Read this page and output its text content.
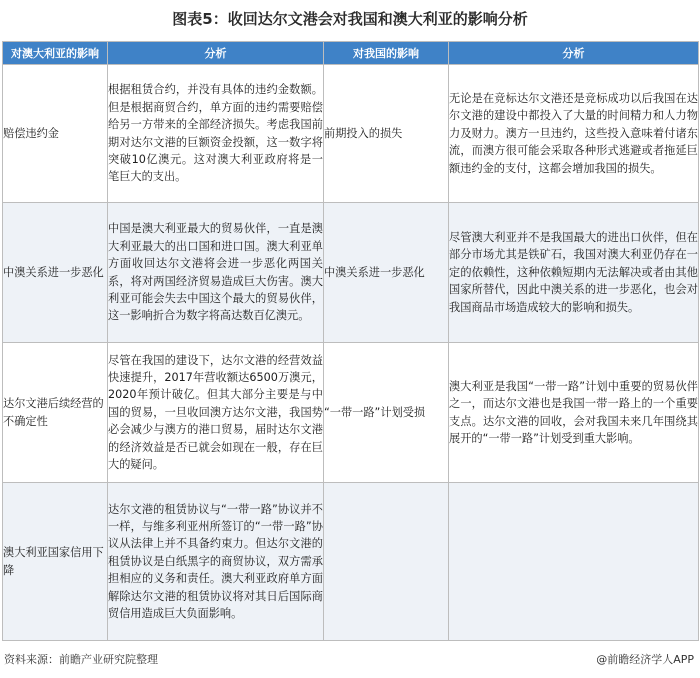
图表5：收回达尔文港会对我国和澳大利亚的影响分析
对澳大利亚的影响	分析	对我国的影响	分析

赔偿违约金	根据租赁合约，并没有具体的违约金数额。但是根据商贸合约，单方面的违约需要赔偿给另一方带来的全部经济损失。考虑我国前期对达尔文港的巨额资金投额，这一数字将突破10亿澳元。这对澳大利亚政府将是一笔巨大的支出。	前期投入的损失	无论是在竞标达尔文港还是竞标成功以后我国在达尔文港的建设中都投入了大量的时间精力和人力物力及财力。澳方一旦违约，这些投入意味着付诸东流，而澳方很可能会采取各种形式逃避或者拖延巨额违约金的支付，这都会增加我国的损失。

中澳关系进一步恶化	中国是澳大利亚最大的贸易伙伴，一直是澳大利亚最大的出口国和进口国。澳大利亚单方面收回达尔文港将会进一步恶化两国关系，将对两国经济贸易造成巨大伤害。澳大利亚可能会失去中国这个最大的贸易伙伴，这一影响折合为数字将高达数百亿澳元。	中澳关系进一步恶化	尽管澳大利亚并不是我国最大的进出口伙伴，但在部分市场尤其是铁矿石，我国对澳大利亚仍存在一定的依赖性，这种依赖短期内无法解决或者由其他国家所替代，因此中澳关系的进一步恶化，也会对我国商品市场造成较大的影响和损失。

达尔文港后续经营的不确定性	尽管在我国的建设下，达尔文港的经营效益快速提升，2017年营收额达6500万澳元，2020年预计破亿。但其大部分主要是与中国的贸易，一旦收回澳方达尔文港，我国势必会减少与澳方的港口贸易，届时达尔文港的经济效益是否已就会如现在一般，存在巨大的疑问。	“一带一路”计划受损	澳大利亚是我国“一带一路”计划中重要的贸易伙伴之一，而达尔文港也是我国一带一路上的一个重要支点。达尔文港的回收，会对我国未来几年围绕其展开的“一带一路”计划受到重大影响。

澳大利亚国家信用下降	达尔文港的租赁协议与“一带一路”协议并不一样，与维多利亚州所签订的“一带一路”协议从法律上并不具备约束力。但达尔文港的租赁协议是白纸黑字的商贸协议，双方需承担相应的义务和责任。澳大利亚政府单方面解除达尔文港的租赁协议将对其日后国际商贸信用造成巨大负面影响。		

资料来源：前瞻产业研究院整理	@前瞻经济学人APP
